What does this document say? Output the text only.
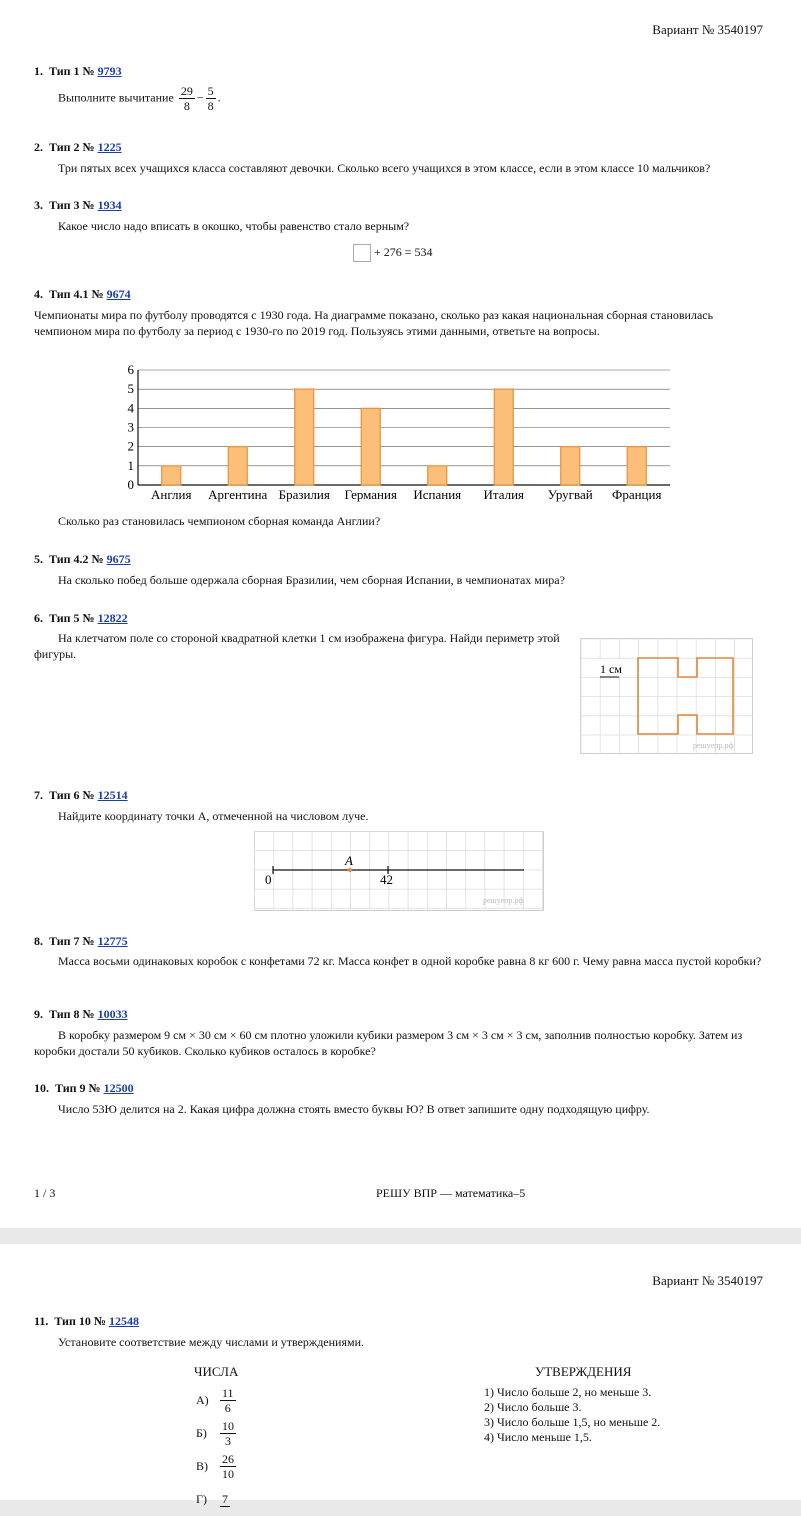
Вариант № 3540197
1. Тип 1 № 9793
Выполните вычитание $\frac{29}{8} - \frac{5}{8}$ .
2. Тип 2 № 1225
Три пятых всех учащихся класса составляют девочки. Сколько всего учащихся в этом классе, если в этом классе 10 мальчиков?
3. Тип 3 № 1934
Какое число надо вписать в окошко, чтобы равенство стало верным?
+ 276 = 534
4. Тип 4.1 № 9674
Чемпионаты мира по футболу проводятся с 1930 года. На диаграмме показано, сколько раз какая национальная сборная становилась чемпионом мира по футболу за период с 1930-го по 2019 год. Пользуясь этими данными, ответьте на вопросы.
0
1
2
3
4
5
6
Англия Аргентина Бразилия Германия Испания Италия Уругвай Франция
Сколько раз становилась чемпионом сборная команда Англии?
5. Тип 4.2 № 9675
На сколько побед больше одержала сборная Бразилии, чем сборная Испании, в чемпионатах мира?
6. Тип 5 № 12822
На клетчатом поле со стороной квадратной клетки 1 см изображена фигура. Найди периметр этой фигуры.
1 см
решуепр.рф
7. Тип 6 № 12514
Найдите координату точки A, отмеченной на числовом луче.
0	42
A
решуепр.рф
8. Тип 7 № 12775
Масса восьми одинаковых коробок с конфетами 72 кг. Масса конфет в одной коробке равна 8 кг 600 г. Чему равна масса пустой коробки?
9. Тип 8 № 10033
В коробку размером 9 см × 30 см × 60 см плотно уложили кубики размером 3 см × 3 см × 3 см, заполнив полностью коробку. Затем из коробки достали 50 кубиков. Сколько кубиков осталось в коробке?
10. Тип 9 № 12500
Число 53Ю делится на 2. Какая цифра должна стоять вместо буквы Ю? В ответ запишите одну подходящую цифру.
1 / 3	РЕШУ ВПР — математика–5
Вариант № 3540197
11. Тип 10 № 12548
Установите соответствие между числами и утверждениями.
ЧИСЛА	УТВЕРЖДЕНИЯ
$А) \frac{11}{6}$
Б)	$\frac{10}{3}$
В)	$\frac{26}{10}$
Г)	7
1) Число больше 2, но меньше 3.
2) Число больше 3.
3) Число больше 1,5, но меньше 2.
4) Число меньше 1,5.
